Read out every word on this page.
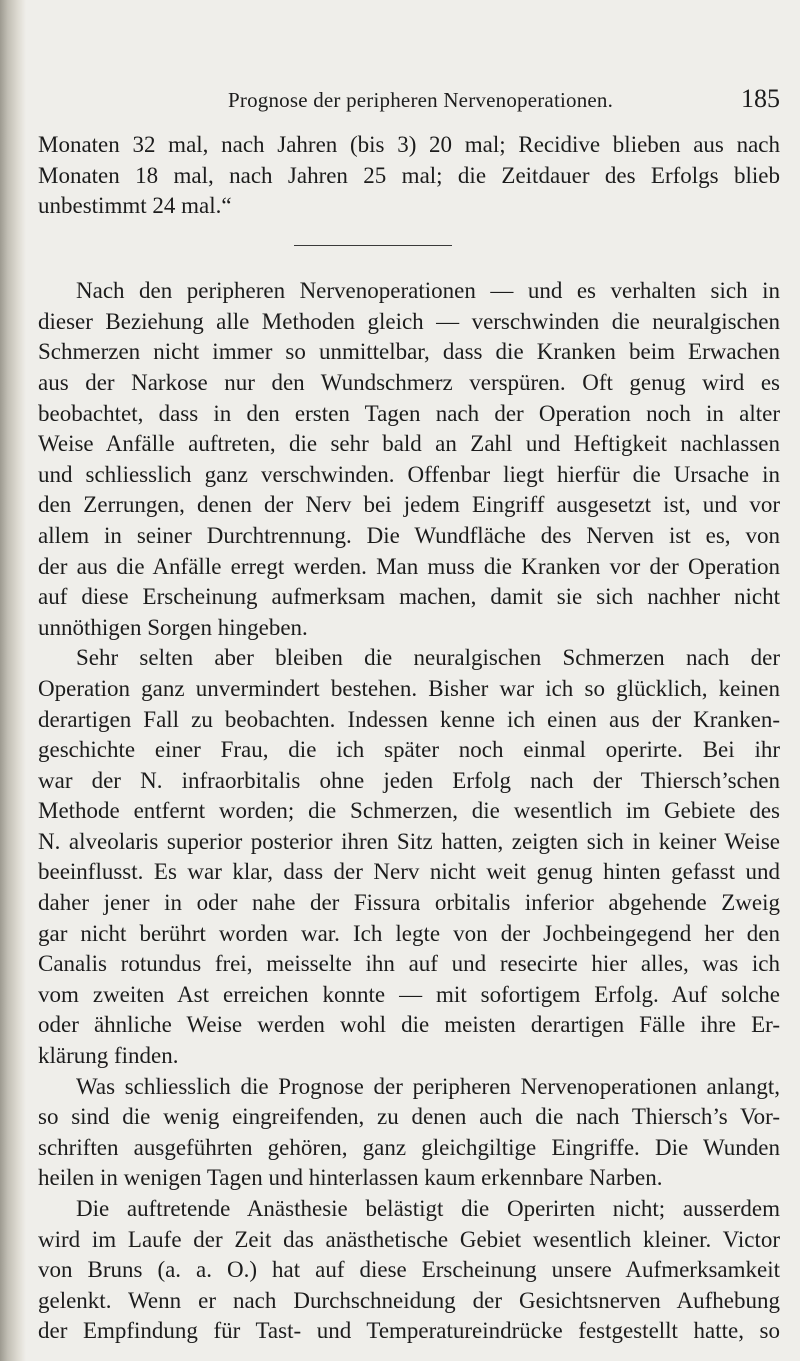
Prognose der peripheren Nervenoperationen.	185
Monaten 32 mal, nach Jahren (bis 3) 20 mal; Recidive blieben aus nach
Monaten 18 mal, nach Jahren 25 mal; die Zeitdauer des Erfolgs blieb
unbestimmt 24 mal.“
Nach den peripheren Nervenoperationen — und es verhalten sich in
dieser Beziehung alle Methoden gleich — verschwinden die neuralgischen
Schmerzen nicht immer so unmittelbar, dass die Kranken beim Erwachen
aus der Narkose nur den Wundschmerz verspüren. Oft genug wird es
beobachtet, dass in den ersten Tagen nach der Operation noch in alter
Weise Anfälle auftreten, die sehr bald an Zahl und Heftigkeit nachlassen
und schliesslich ganz verschwinden. Offenbar liegt hierfür die Ursache in
den Zerrungen, denen der Nerv bei jedem Eingriff ausgesetzt ist, und vor
allem in seiner Durchtrennung. Die Wundfläche des Nerven ist es, von
der aus die Anfälle erregt werden. Man muss die Kranken vor der Operation
auf diese Erscheinung aufmerksam machen, damit sie sich nachher nicht
unnöthigen Sorgen hingeben.
Sehr selten aber bleiben die neuralgischen Schmerzen nach der
Operation ganz unvermindert bestehen. Bisher war ich so glücklich, keinen
derartigen Fall zu beobachten. Indessen kenne ich einen aus der Kranken-
geschichte einer Frau, die ich später noch einmal operirte. Bei ihr
war der N. infraorbitalis ohne jeden Erfolg nach der Thiersch’schen
Methode entfernt worden; die Schmerzen, die wesentlich im Gebiete des
N. alveolaris superior posterior ihren Sitz hatten, zeigten sich in keiner Weise
beeinflusst. Es war klar, dass der Nerv nicht weit genug hinten gefasst und
daher jener in oder nahe der Fissura orbitalis inferior abgehende Zweig
gar nicht berührt worden war. Ich legte von der Jochbeingegend her den
Canalis rotundus frei, meisselte ihn auf und resecirte hier alles, was ich
vom zweiten Ast erreichen konnte — mit sofortigem Erfolg. Auf solche
oder ähnliche Weise werden wohl die meisten derartigen Fälle ihre Er-
klärung finden.
Was schliesslich die Prognose der peripheren Nervenoperationen anlangt,
so sind die wenig eingreifenden, zu denen auch die nach Thiersch’s Vor-
schriften ausgeführten gehören, ganz gleichgiltige Eingriffe. Die Wunden
heilen in wenigen Tagen und hinterlassen kaum erkennbare Narben.
Die auftretende Anästhesie belästigt die Operirten nicht; ausserdem
wird im Laufe der Zeit das anästhetische Gebiet wesentlich kleiner. Victor
von Bruns (a. a. O.) hat auf diese Erscheinung unsere Aufmerksamkeit
gelenkt. Wenn er nach Durchschneidung der Gesichtsnerven Aufhebung
der Empfindung für Tast- und Temperatureindrücke festgestellt hatte, so
